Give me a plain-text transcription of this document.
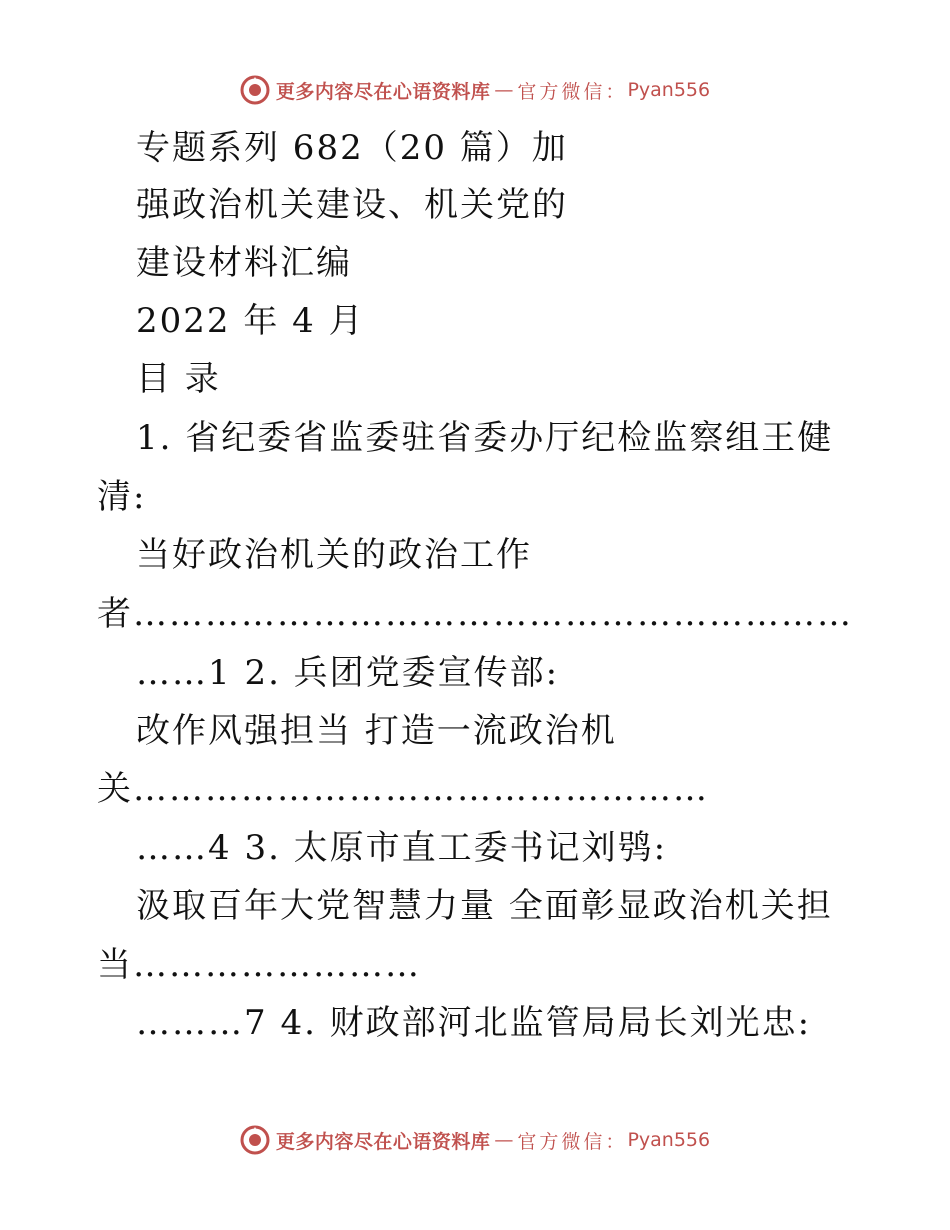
更多内容尽在心语资料库 — 官方微信： Pyan556
专题系列 682（20 篇）加
强政治机关建设、机关党的
建设材料汇编
2022 年 4 月
目 录
1. 省纪委省监委驻省委办厅纪检监察组王健
清:
当好政治机关的政治工作
者……………………………………………………
……1 2. 兵团党委宣传部:
改作风强担当 打造一流政治机
关…………………………………………
……4 3. 太原市直工委书记刘鸮:
汲取百年大党智慧力量 全面彰显政治机关担
当……………………
………7 4. 财政部河北监管局局长刘光忠:
更多内容尽在心语资料库 — 官方微信： Pyan556
